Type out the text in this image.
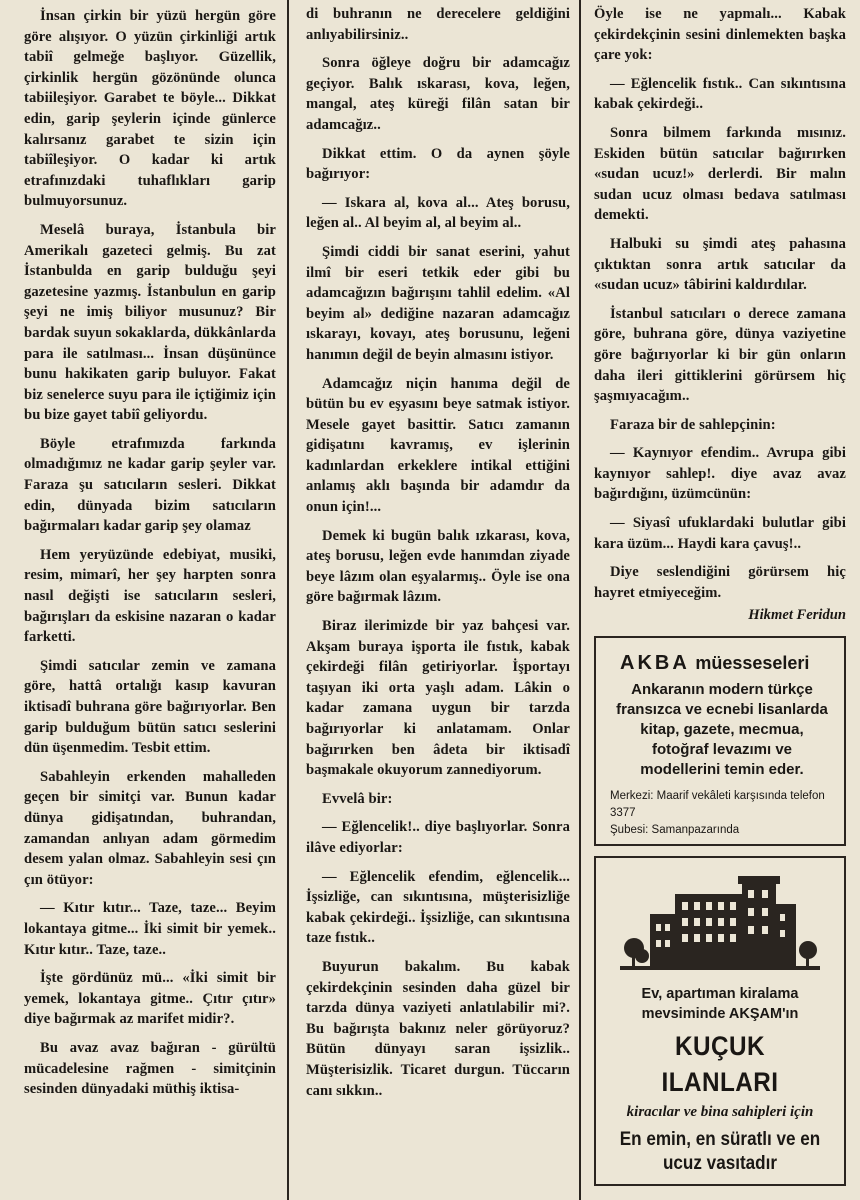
İnsan çirkin bir yüzü hergün göre göre alışıyor. O yüzün çirkinliği artık tabiî gelmeğe başlıyor. Güzellik, çirkinlik hergün gözönünde olunca tabiileşiyor. Garabet te böyle... Dikkat edin, garip şeylerin içinde günlerce kalırsanız garabet te sizin için tabiîleşiyor. O kadar ki artık etrafınızdaki tuhaflıkları garip bulmuyorsunuz.

Meselâ buraya, İstanbula bir Amerikalı gazeteci gelmiş. Bu zat İstanbulda en garip bulduğu şeyi gazetesine yazmış. İstanbulun en garip şeyi ne imiş biliyor musunuz? Bir bardak suyun sokaklarda, dükkânlarda para ile satılması... İnsan düşününce bunu hakikaten garip buluyor. Fakat biz senelerce suyu para ile içtiğimiz için bu bize gayet tabiî geliyordu.

Böyle etrafımızda farkında olmadığımız ne kadar garip şeyler var. Faraza şu satıcıların sesleri. Dikkat edin, dünyada bizim satıcıların bağırmaları kadar garip şey olamaz

Hem yeryüzünde edebiyat, musiki, resim, mimarî, her şey harpten sonra nasıl değişti ise satıcıların sesleri, bağırışları da eskisine nazaran o kadar farketti.

Şimdi satıcılar zemin ve zamana göre, hattâ ortalığı kasıp kavuran iktisadî buhrana göre bağırıyorlar. Ben garip bulduğum bütün satıcı seslerini dün üşenmedim. Tesbit ettim.

Sabahleyin erkenden mahalleden geçen bir simitçi var. Bunun kadar dünya gidişatından, buhrandan, zamandan anlıyan adam görmedim desem yalan olmaz. Sabahleyin sesi çın çın ötüyor:

— Kıtır kıtır... Taze, taze... Beyim lokantaya gitme... İki simit bir yemek.. Kıtır kıtır.. Taze, taze..

İşte gördünüz mü... «İki simit bir yemek, lokantaya gitme.. Çıtır çıtır» diye bağırmak az marifet midir?.

Bu avaz avaz bağıran - gürültü mücadelesine rağmen - simitçinin sesinden dünyadaki müthiş iktisa-

di buhranın ne derecelere geldiğini anlıyabilirsiniz..

Sonra öğleye doğru bir adamcağız geçiyor. Balık ıskarası, kova, leğen, mangal, ateş küreği filân satan bir adamcağız..

Dikkat ettim. O da aynen şöyle bağırıyor:

— Iskara al, kova al... Ateş borusu, leğen al.. Al beyim al, al beyim al..

Şimdi ciddi bir sanat eserini, yahut ilmî bir eseri tetkik eder gibi bu adamcağızın bağırışını tahlil edelim. «Al beyim al» dediğine nazaran adamcağız ıskarayı, kovayı, ateş borusunu, leğeni hanımın değil de beyin almasını istiyor.

Adamcağız niçin hanıma değil de bütün bu ev eşyasını beye satmak istiyor. Mesele gayet basittir. Satıcı zamanın gidişatını kavramış, ev işlerinin kadınlardan erkeklere intikal ettiğini anlamış aklı başında bir adamdır da onun için!...

Demek ki bugün balık ızkarası, kova, ateş borusu, leğen evde hanımdan ziyade beye lâzım olan eşyalarmış.. Öyle ise ona göre bağırmak lâzım.

Biraz ilerimizde bir yaz bahçesi var. Akşam buraya işporta ile fıstık, kabak çekirdeği filân getiriyorlar. İşportayı taşıyan iki orta yaşlı adam. Lâkin o kadar zamana uygun bir tarzda bağırıyorlar ki anlatamam. Onlar bağırırken ben âdeta bir iktisadî başmakale okuyorum zannediyorum.

Evvelâ bir:

— Eğlencelik!.. diye başlıyorlar. Sonra ilâve ediyorlar:

— Eğlencelik efendim, eğlencelik... İşsizliğe, can sıkıntısına, müşterisizliğe kabak çekirdeği.. İşsizliğe, can sıkıntısına taze fıstık..

Buyurun bakalım. Bu kabak çekirdekçinin sesinden daha güzel bir tarzda dünya vaziyeti anlatılabilir mi?. Bu bağırışta bakınız neler görüyoruz? Bütün dünyayı saran işsizlik.. Müşterisizlik. Ticaret durgun. Tüccarın canı sıkkın..

Öyle ise ne yapmalı... Kabak çekirdekçinin sesini dinlemekten başka çare yok:

— Eğlencelik fıstık.. Can sıkıntısına kabak çekirdeği..

Sonra bilmem farkında mısınız. Eskiden bütün satıcılar bağırırken «sudan ucuz!» derlerdi. Bir malın sudan ucuz olması bedava satılması demekti.

Halbuki su şimdi ateş pahasına çıktıktan sonra artık satıcılar da «sudan ucuz» tâbirini kaldırdılar.

İstanbul satıcıları o derece zamana göre, buhrana göre, dünya vaziyetine göre bağırıyorlar ki bir gün onların daha ileri gittiklerini görürsem hiç şaşmıyacağım..

Faraza bir de sahlepçinin:

— Kaynıyor efendim.. Avrupa gibi kaynıyor sahlep!. diye avaz avaz bağırdığını, üzümcünün:

— Siyasî ufuklardaki bulutlar gibi kara üzüm... Haydi kara çavuş!..

Diye seslendiğini görürsem hiç hayret etmiyeceğim.

Hikmet Feridun

AKBA müesseseleri

Ankaranın modern türkçe fransızca ve ecnebi lisanlarda kitap, gazete, mecmua, fotoğraf levazımı ve modellerini temin eder.

Merkezi: Maarif vekâleti karşısında telefon 3377

Şubesi: Samanpazarında

Ev, apartıman kiralama mevsiminde AKŞAM'ın

KUÇUK ILANLARI

kiracılar ve bina sahipleri için

En emin, en süratlı ve en ucuz vasıtadır
